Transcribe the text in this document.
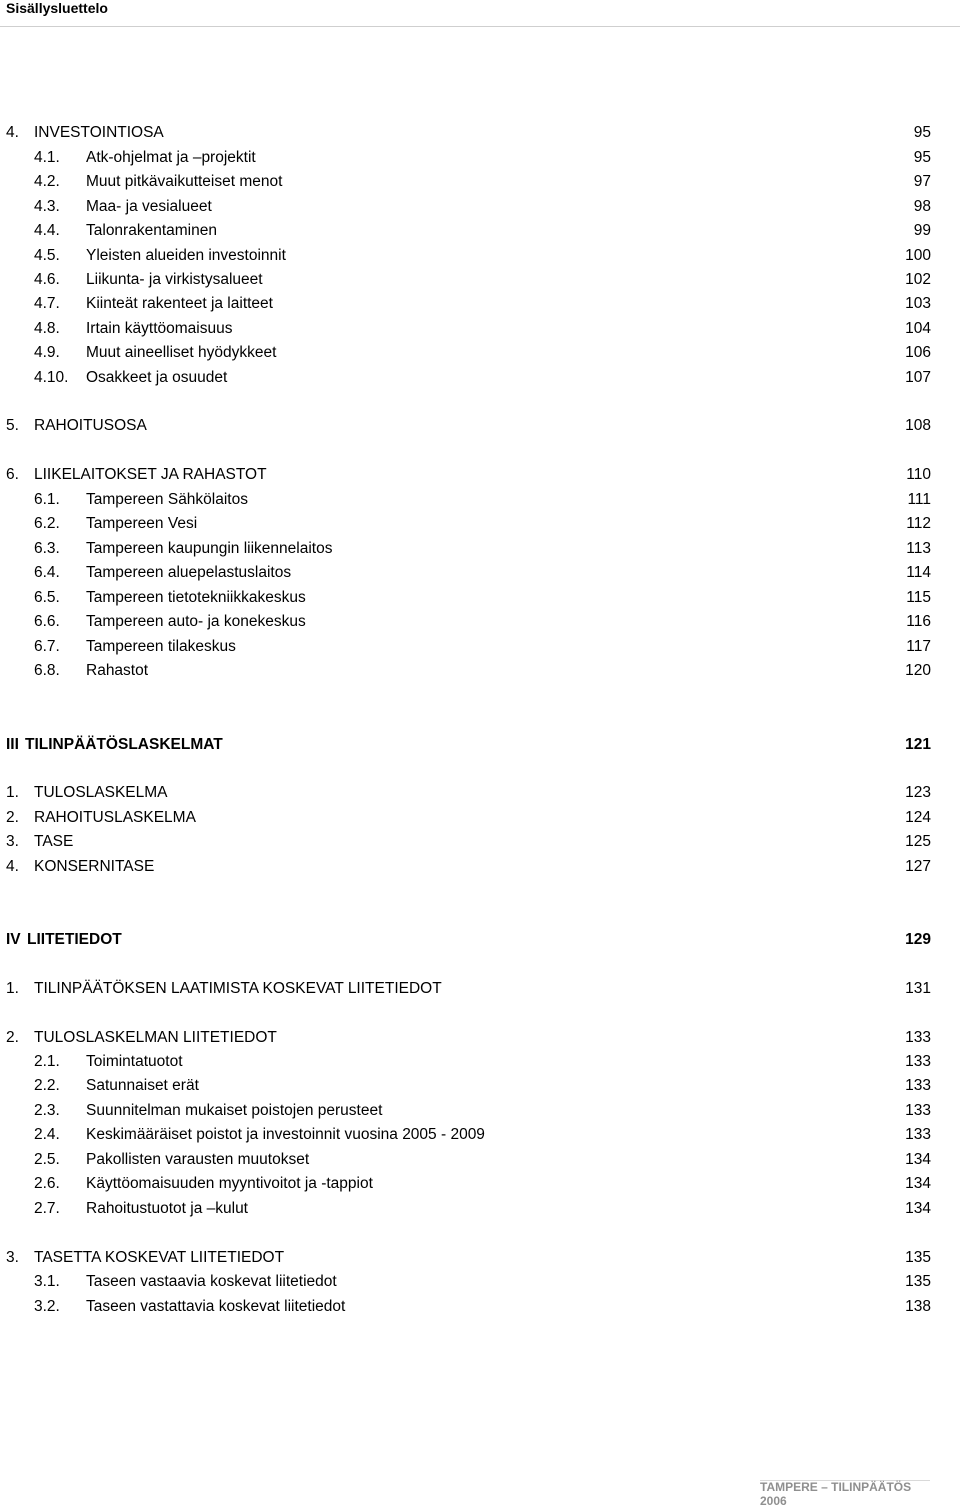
Sisällysluettelo
4. INVESTOINTIOSA	95
4.1. Atk-ohjelmat ja –projektit	95
4.2. Muut pitkävaikutteiset menot	97
4.3. Maa- ja vesialueet	98
4.4. Talonrakentaminen	99
4.5. Yleisten alueiden investoinnit	100
4.6. Liikunta- ja virkistysalueet	102
4.7. Kiinteät rakenteet ja laitteet	103
4.8. Irtain käyttöomaisuus	104
4.9. Muut aineelliset hyödykkeet	106
4.10. Osakkeet ja osuudet	107
5. RAHOITUSOSA	108
6. LIIKELAITOKSET JA RAHASTOT	110
6.1. Tampereen Sähkölaitos	111
6.2. Tampereen Vesi	112
6.3. Tampereen kaupungin liikennelaitos	113
6.4. Tampereen aluepelastuslaitos	114
6.5. Tampereen tietotekniikkakeskus	115
6.6. Tampereen auto- ja konekeskus	116
6.7. Tampereen tilakeskus	117
6.8. Rahastot	120
III TILINPÄÄTÖSLASKELMAT	121
1. TULOSLASKELMA	123
2. RAHOITUSLASKELMA	124
3. TASE	125
4. KONSERNITASE	127
IV LIITETIEDOT	129
1. TILINPÄÄTÖKSEN LAATIMISTA KOSKEVAT LIITETIEDOT	131
2. TULOSLASKELMAN LIITETIEDOT	133
2.1. Toimintatuotot	133
2.2. Satunnaiset erät	133
2.3. Suunnitelman mukaiset poistojen perusteet	133
2.4. Keskimääräiset poistot ja investoinnit vuosina 2005 - 2009	133
2.5. Pakollisten varausten muutokset	134
2.6. Käyttöomaisuuden myyntivoitot ja -tappiot	134
2.7. Rahoitustuotot ja –kulut	134
3. TASETTA KOSKEVAT LIITETIEDOT	135
3.1. Taseen vastaavia koskevat liitetiedot	135
3.2. Taseen vastattavia koskevat liitetiedot	138
TAMPERE – TILINPÄÄTÖS 2006
